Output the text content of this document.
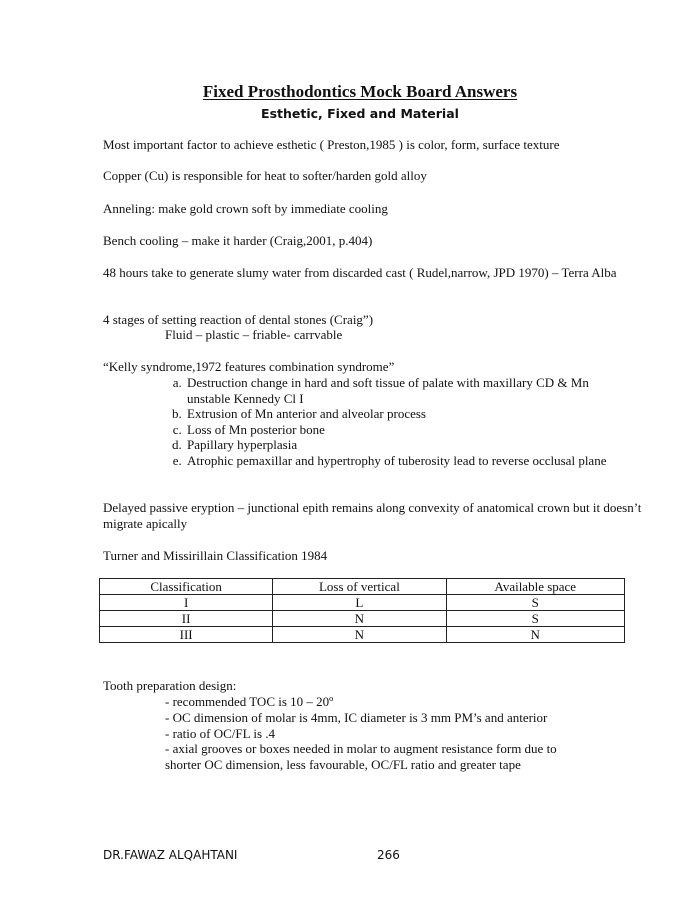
Fixed Prosthodontics Mock Board Answers
Esthetic, Fixed and Material
Most important factor to achieve esthetic ( Preston,1985 ) is color, form, surface texture
Copper (Cu) is responsible for heat to softer/harden gold alloy
Anneling: make gold crown soft by immediate cooling
Bench cooling – make it harder (Craig,2001, p.404)
48 hours take to generate slumy water from discarded cast ( Rudel,narrow, JPD 1970) – Terra Alba
4 stages of setting reaction of dental stones (Craig”)
Fluid – plastic – friable- carrvable
“Kelly syndrome,1972 features combination syndrome”
a. Destruction change in hard and soft tissue of palate with maxillary CD & Mn unstable Kennedy Cl I
b. Extrusion of Mn anterior and alveolar process
c. Loss of Mn posterior bone
d. Papillary hyperplasia
e. Atrophic pemaxillar and hypertrophy of tuberosity lead to reverse occlusal plane
Delayed passive eryption – junctional epith remains along convexity of anatomical crown but it doesn’t migrate apically
Turner and Missirillain Classification 1984
Classification	Loss of vertical	Available space
I	L	S
II	N	S
III	N	N
Tooth preparation design:
- recommended TOC is 10 – 20º
- OC dimension of molar is 4mm, IC diameter is 3 mm PM’s and anterior
- ratio of OC/FL is .4
- axial grooves or boxes needed in molar to augment resistance form due to shorter OC dimension, less favourable, OC/FL ratio and greater tape
DR.FAWAZ ALQAHTANI	266
